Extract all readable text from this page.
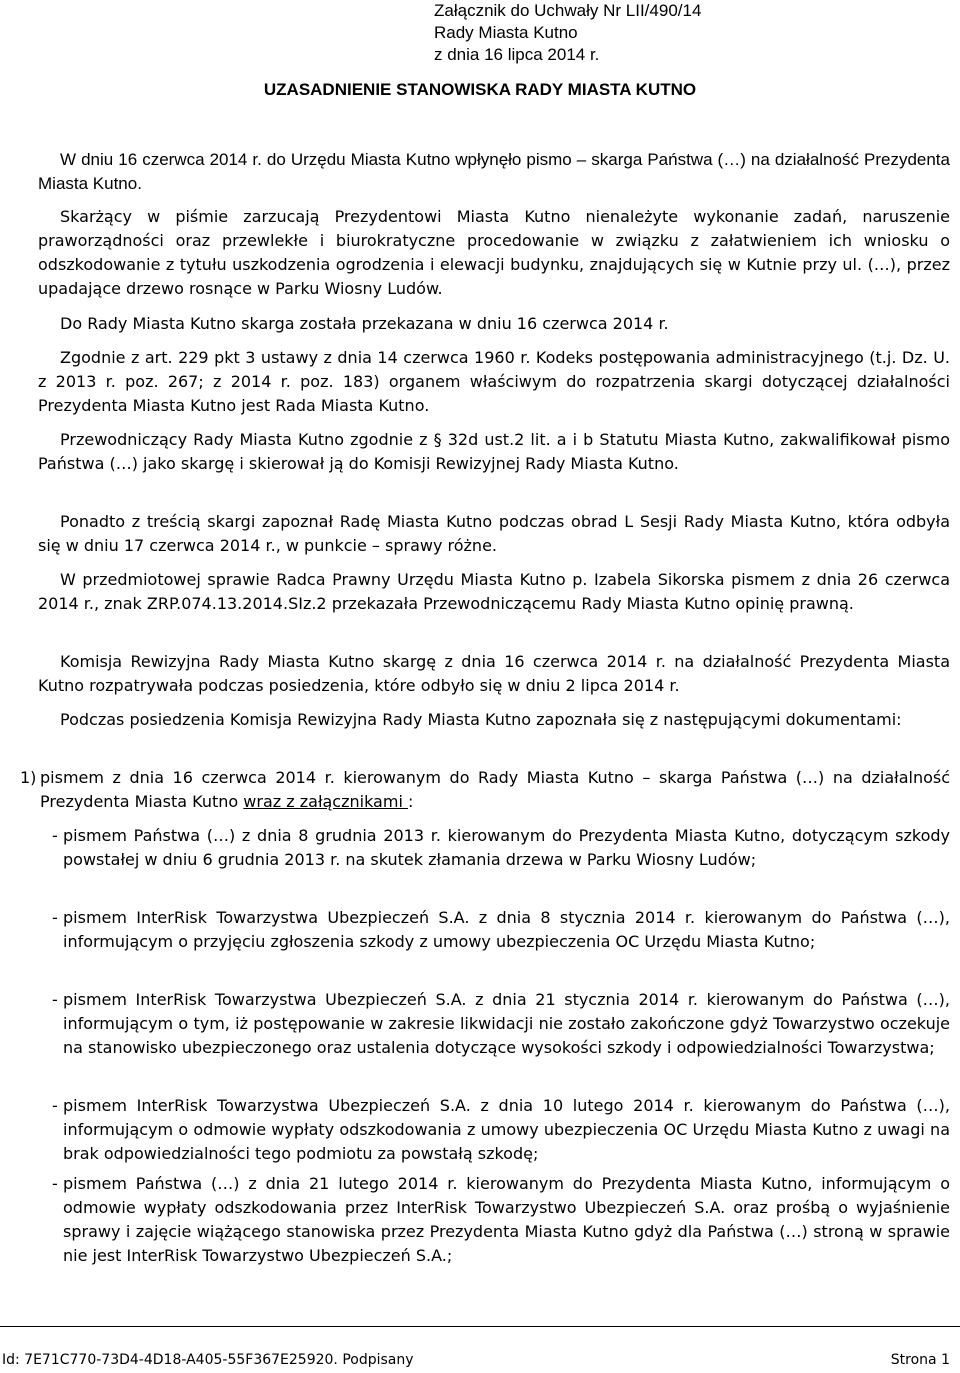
Załącznik do Uchwały Nr LII/490/14
Rady Miasta Kutno
z dnia 16 lipca 2014 r.
UZASADNIENIE STANOWISKA RADY MIASTA KUTNO
W dniu 16 czerwca 2014 r. do Urzędu Miasta Kutno wpłynęło pismo – skarga Państwa (…) na działalność Prezydenta Miasta Kutno.
Skarżący w piśmie zarzucają Prezydentowi Miasta Kutno nienależyte wykonanie zadań, naruszenie praworządności oraz przewlekłe i biurokratyczne procedowanie w związku z załatwieniem ich wniosku o odszkodowanie z tytułu uszkodzenia ogrodzenia i elewacji budynku, znajdujących się w Kutnie przy ul. (…), przez upadające drzewo rosnące w Parku Wiosny Ludów.
Do Rady Miasta Kutno skarga została przekazana w dniu 16 czerwca 2014 r.
Zgodnie z art. 229 pkt 3 ustawy z dnia 14 czerwca 1960 r. Kodeks postępowania administracyjnego (t.j. Dz. U. z 2013 r. poz. 267; z 2014 r. poz. 183) organem właściwym do rozpatrzenia skargi dotyczącej działalności Prezydenta Miasta Kutno jest Rada Miasta Kutno.
Przewodniczący Rady Miasta Kutno zgodnie z § 32d ust.2 lit. a i b Statutu Miasta Kutno, zakwalifikował pismo Państwa (…) jako skargę i skierował ją do Komisji Rewizyjnej Rady Miasta Kutno.
Ponadto z treścią skargi zapoznał Radę Miasta Kutno podczas obrad L Sesji Rady Miasta Kutno, która odbyła się w dniu 17 czerwca 2014 r., w punkcie – sprawy różne.
W przedmiotowej sprawie Radca Prawny Urzędu Miasta Kutno p. Izabela Sikorska pismem z dnia 26 czerwca 2014 r., znak ZRP.074.13.2014.SIz.2 przekazała Przewodniczącemu Rady Miasta Kutno opinię prawną.
Komisja Rewizyjna Rady Miasta Kutno skargę z dnia 16 czerwca 2014 r. na działalność Prezydenta Miasta Kutno rozpatrywała podczas posiedzenia, które odbyło się w dniu 2 lipca 2014 r.
Podczas posiedzenia Komisja Rewizyjna Rady Miasta Kutno zapoznała się z następującymi dokumentami:
1) pismem z dnia 16 czerwca 2014 r. kierowanym do Rady Miasta Kutno – skarga Państwa (…) na działalność Prezydenta Miasta Kutno wraz z załącznikami :
- pismem Państwa (…) z dnia 8 grudnia 2013 r. kierowanym do Prezydenta Miasta Kutno, dotyczącym szkody powstałej w dniu 6 grudnia 2013 r. na skutek złamania drzewa w Parku Wiosny Ludów;
- pismem InterRisk Towarzystwa Ubezpieczeń S.A. z dnia 8 stycznia 2014 r. kierowanym do Państwa (…), informującym o przyjęciu zgłoszenia szkody z umowy ubezpieczenia OC Urzędu Miasta Kutno;
- pismem InterRisk Towarzystwa Ubezpieczeń S.A. z dnia 21 stycznia 2014 r. kierowanym do Państwa (…), informującym o tym, iż postępowanie w zakresie likwidacji nie zostało zakończone gdyż Towarzystwo oczekuje na stanowisko ubezpieczonego oraz ustalenia dotyczące wysokości szkody i odpowiedzialności Towarzystwa;
- pismem InterRisk Towarzystwa Ubezpieczeń S.A. z dnia 10 lutego 2014 r. kierowanym do Państwa (…), informującym o odmowie wypłaty odszkodowania z umowy ubezpieczenia OC Urzędu Miasta Kutno z uwagi na brak odpowiedzialności tego podmiotu za powstałą szkodę;
- pismem Państwa (…) z dnia 21 lutego 2014 r. kierowanym do Prezydenta Miasta Kutno, informującym o odmowie wypłaty odszkodowania przez InterRisk Towarzystwo Ubezpieczeń S.A. oraz prośbą o wyjaśnienie sprawy i zajęcie wiążącego stanowiska przez Prezydenta Miasta Kutno gdyż dla Państwa (…) stroną w sprawie nie jest InterRisk Towarzystwo Ubezpieczeń S.A.;
Id: 7E71C770-73D4-4D18-A405-55F367E25920. Podpisany	Strona 1
